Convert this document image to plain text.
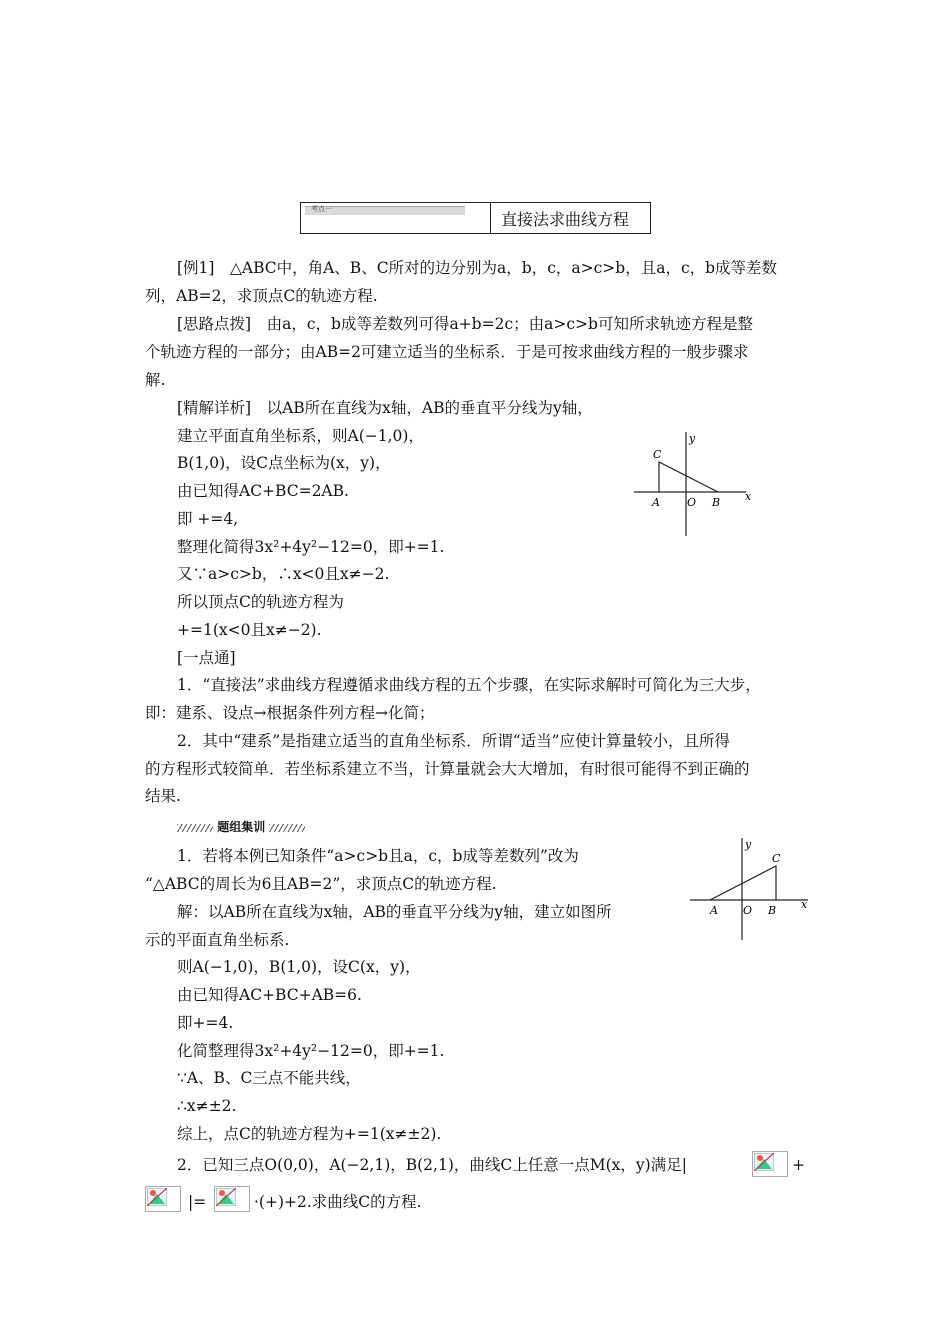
考点一
直接法求曲线方程
[例1]　△ABC中，角A、B、C所对的边分别为a，b，c，a>c>b，且a，c，b成等差数
列，AB=2，求顶点C的轨迹方程.
[思路点拨]　由a，c，b成等差数列可得a+b=2c；由a>c>b可知所求轨迹方程是整
个轨迹方程的一部分；由AB=2可建立适当的坐标系．于是可按求曲线方程的一般步骤求
解.
[精解详析]　以AB所在直线为x轴，AB的垂直平分线为y轴，
建立平面直角坐标系，则A(−1,0)，
B(1,0)，设C点坐标为(x，y)，
由已知得AC+BC=2AB.
即 +=4,
整理化简得3x²+4y²−12=0，即+=1.
又∵a>c>b，∴x<0且x≠−2.
所以顶点C的轨迹方程为
+=1(x<0且x≠−2).
[一点通]
1．“直接法”求曲线方程遵循求曲线方程的五个步骤，在实际求解时可简化为三大步，
即：建系、设点→根据条件列方程→化简；
2．其中“建系”是指建立适当的直角坐标系．所谓“适当”应使计算量较小，且所得
的方程形式较简单．若坐标系建立不当，计算量就会大大增加，有时很可能得不到正确的
结果.
C
A O B x
y
题组集训
1．若将本例已知条件“a>c>b且a，c，b成等差数列”改为
“△ABC的周长为6且AB=2”，求顶点C的轨迹方程.
解：以AB所在直线为x轴，AB的垂直平分线为y轴，建立如图所
示的平面直角坐标系.
则A(−1,0)，B(1,0)，设C(x，y)，
由已知得AC+BC+AB=6.
即+=4.
化简整理得3x²+4y²−12=0，即+=1.
∵A、B、C三点不能共线，
∴x≠±2.
综上，点C的轨迹方程为+=1(x≠±2).
2．已知三点O(0,0)，A(−2,1)，B(2,1)，曲线C上任意一点M(x，y)满足|	+
|=	·(+)+2.求曲线C的方程.
C
A O B x
y
